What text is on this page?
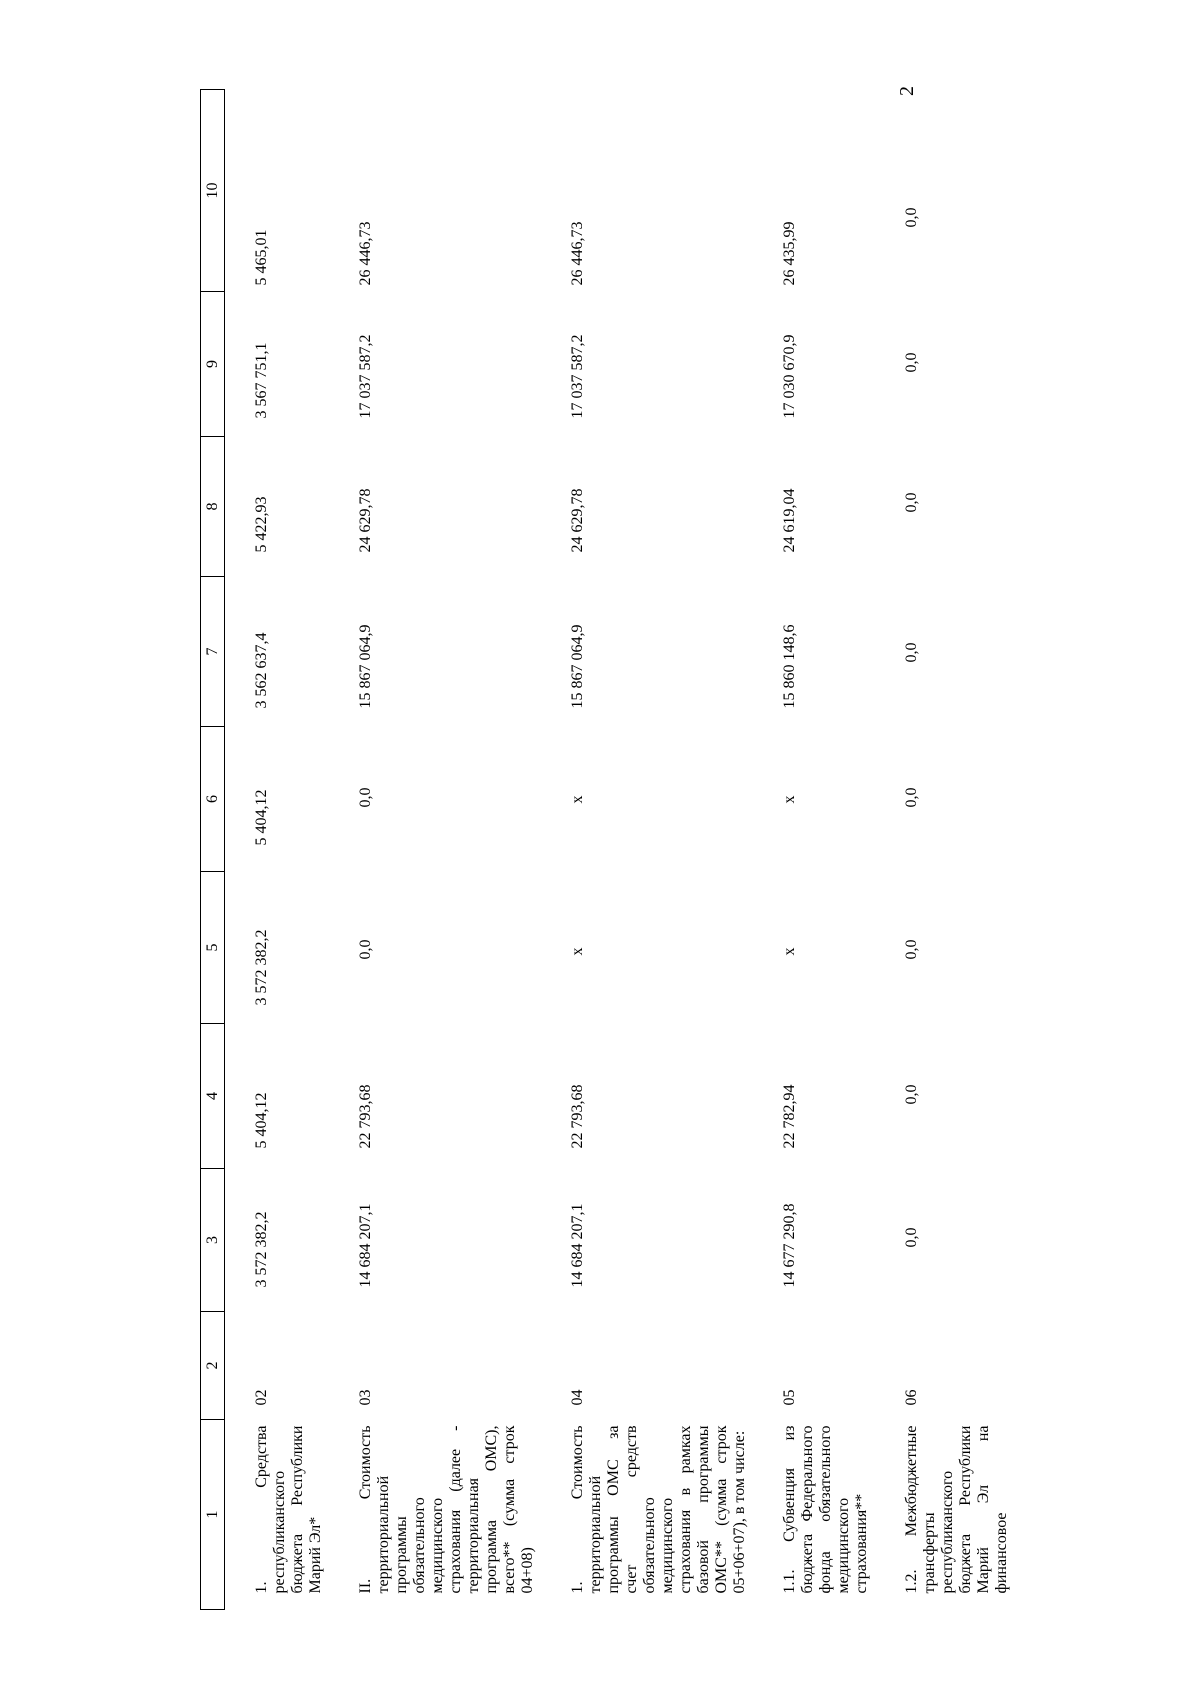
2
1	2	3	4	5	6	7	8	9	10
1. Средства республиканского бюджета Республики Марий Эл*	02	3 572 382,2	5 404,12	3 572 382,2	5 404,12	3 562 637,4	5 422,93	3 567 751,1	5 465,01
II. Стоимость территориальной программы обязательного медицинского страхования (далее - территориальная программа ОМС), всего** (сумма строк 04+08)	03	14 684 207,1	22 793,68	0,0	0,0	15 867 064,9	24 629,78	17 037 587,2	26 446,73
1. Стоимость территориальной программы ОМС за счет средств обязательного медицинского страхования в рамках базовой программы ОМС** (сумма строк 05+06+07), в том числе:	04	14 684 207,1	22 793,68	x	x	15 867 064,9	24 629,78	17 037 587,2	26 446,73
1.1. Субвенция из бюджета Федерального фонда обязательного медицинского страхования**	05	14 677 290,8	22 782,94	x	x	15 860 148,6	24 619,04	17 030 670,9	26 435,99
1.2. Межбюджетные трансферты республиканского бюджета Республики Марий Эл на финансовое	06	0,0	0,0	0,0	0,0	0,0	0,0	0,0	0,0
